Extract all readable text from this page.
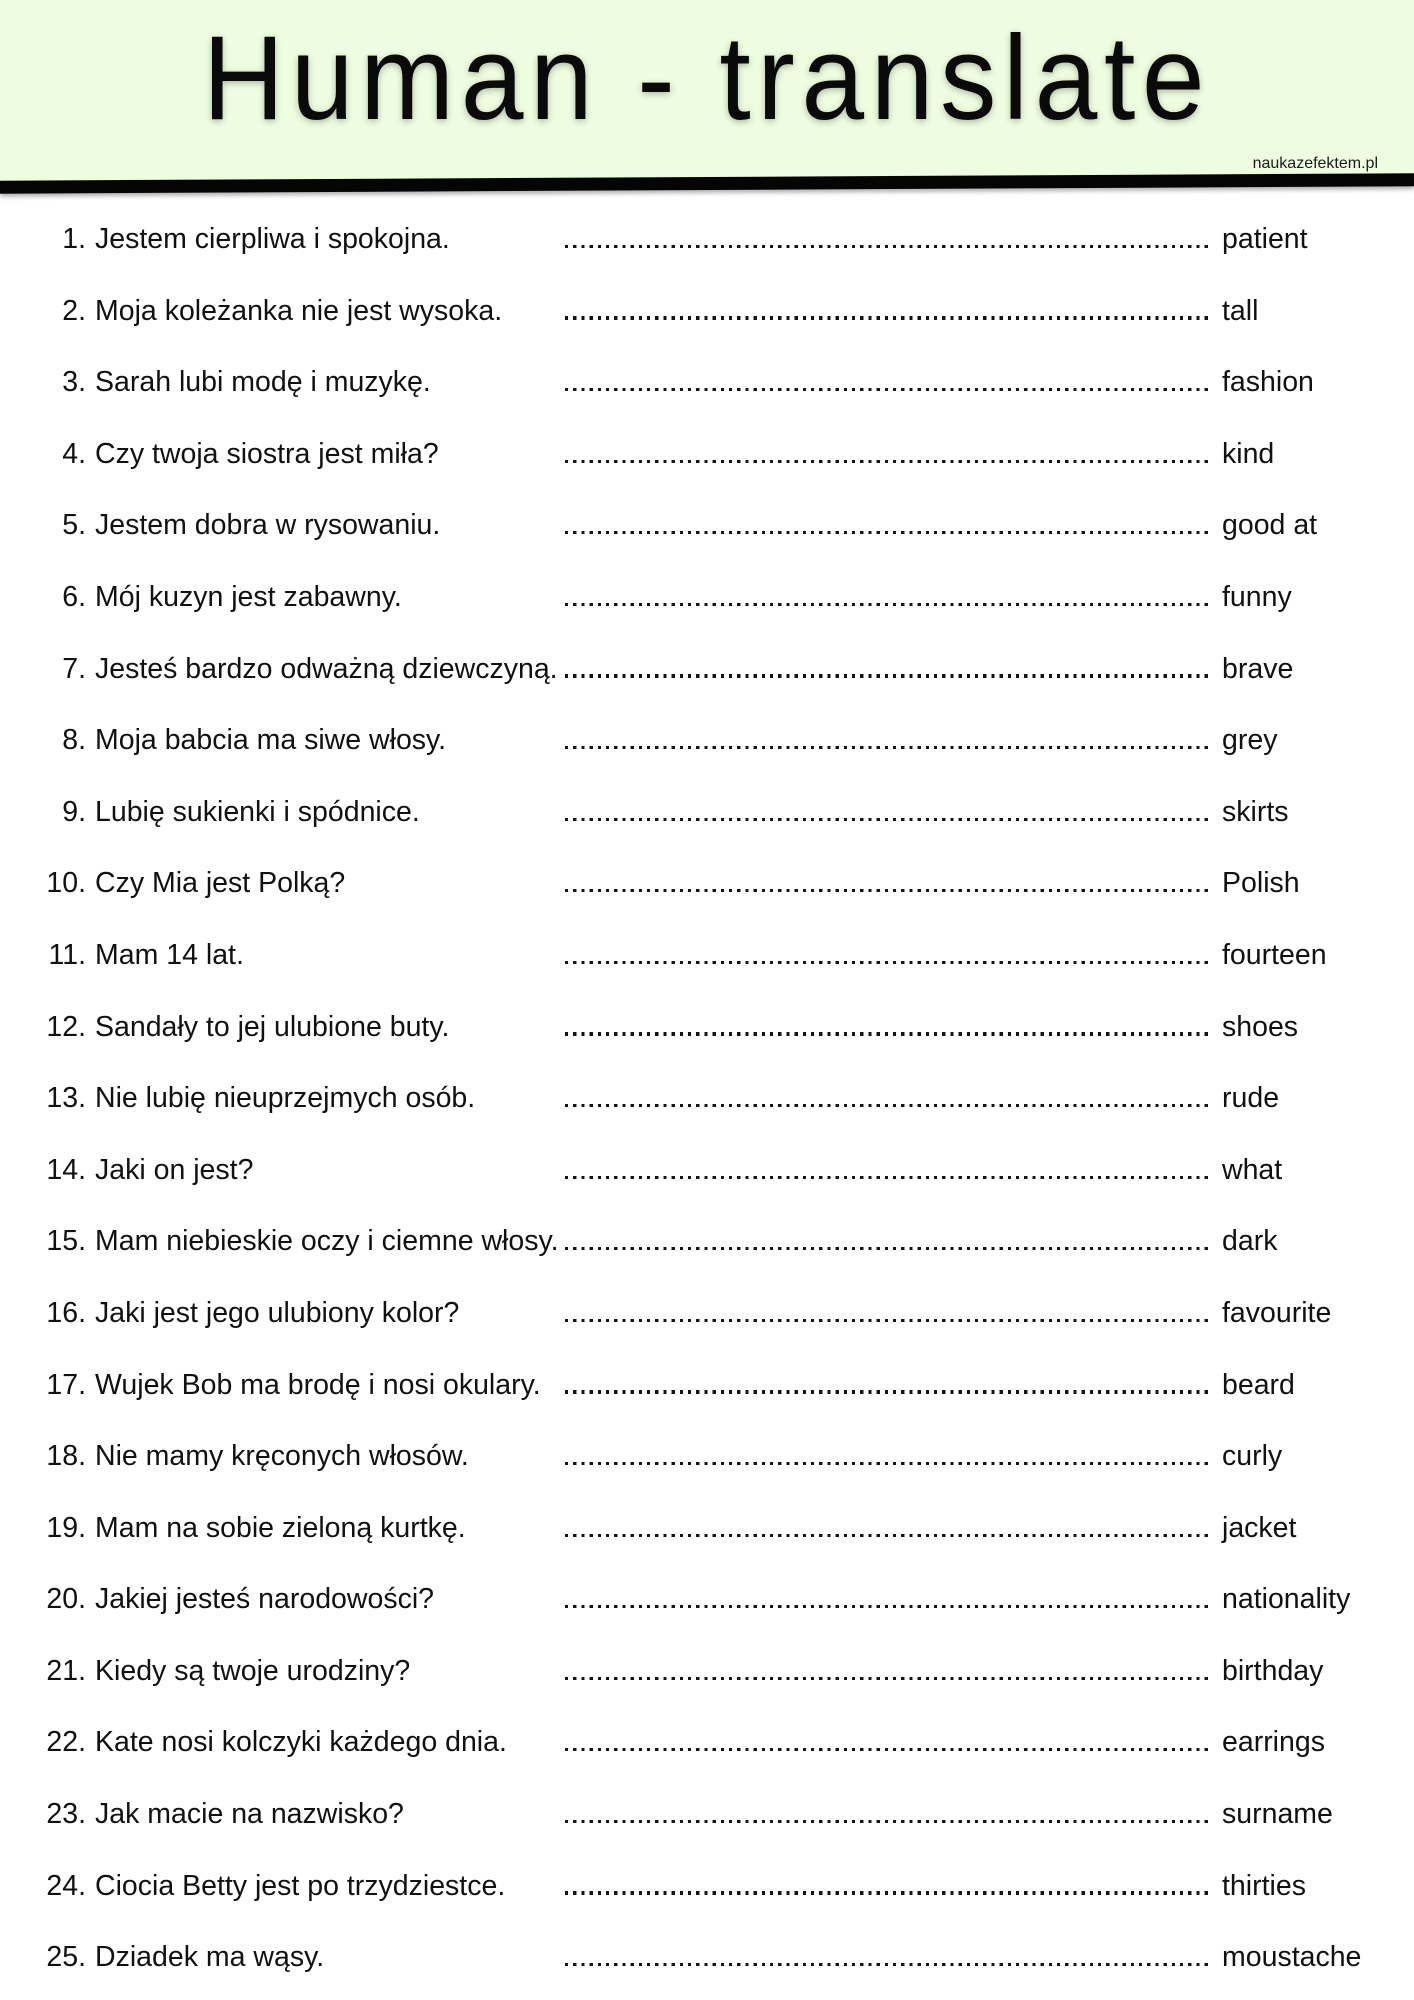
Human - translate
naukazefektem.pl
1. Jestem cierpliwa i spokojna.	patient
2. Moja koleżanka nie jest wysoka.	tall
3. Sarah lubi modę i muzykę.	fashion
4. Czy twoja siostra jest miła?	kind
5. Jestem dobra w rysowaniu.	good at
6. Mój kuzyn jest zabawny.	funny
7. Jesteś bardzo odważną dziewczyną.	brave
8. Moja babcia ma siwe włosy.	grey
9. Lubię sukienki i spódnice.	skirts
10. Czy Mia jest Polką?	Polish
11. Mam 14 lat.	fourteen
12. Sandały to jej ulubione buty.	shoes
13. Nie lubię nieuprzejmych osób.	rude
14. Jaki on jest?	what
15. Mam niebieskie oczy i ciemne włosy.	dark
16. Jaki jest jego ulubiony kolor?	favourite
17. Wujek Bob ma brodę i nosi okulary.	beard
18. Nie mamy kręconych włosów.	curly
19. Mam na sobie zieloną kurtkę.	jacket
20. Jakiej jesteś narodowości?	nationality
21. Kiedy są twoje urodziny?	birthday
22. Kate nosi kolczyki każdego dnia.	earrings
23. Jak macie na nazwisko?	surname
24. Ciocia Betty jest po trzydziestce.	thirties
25. Dziadek ma wąsy.	moustache
